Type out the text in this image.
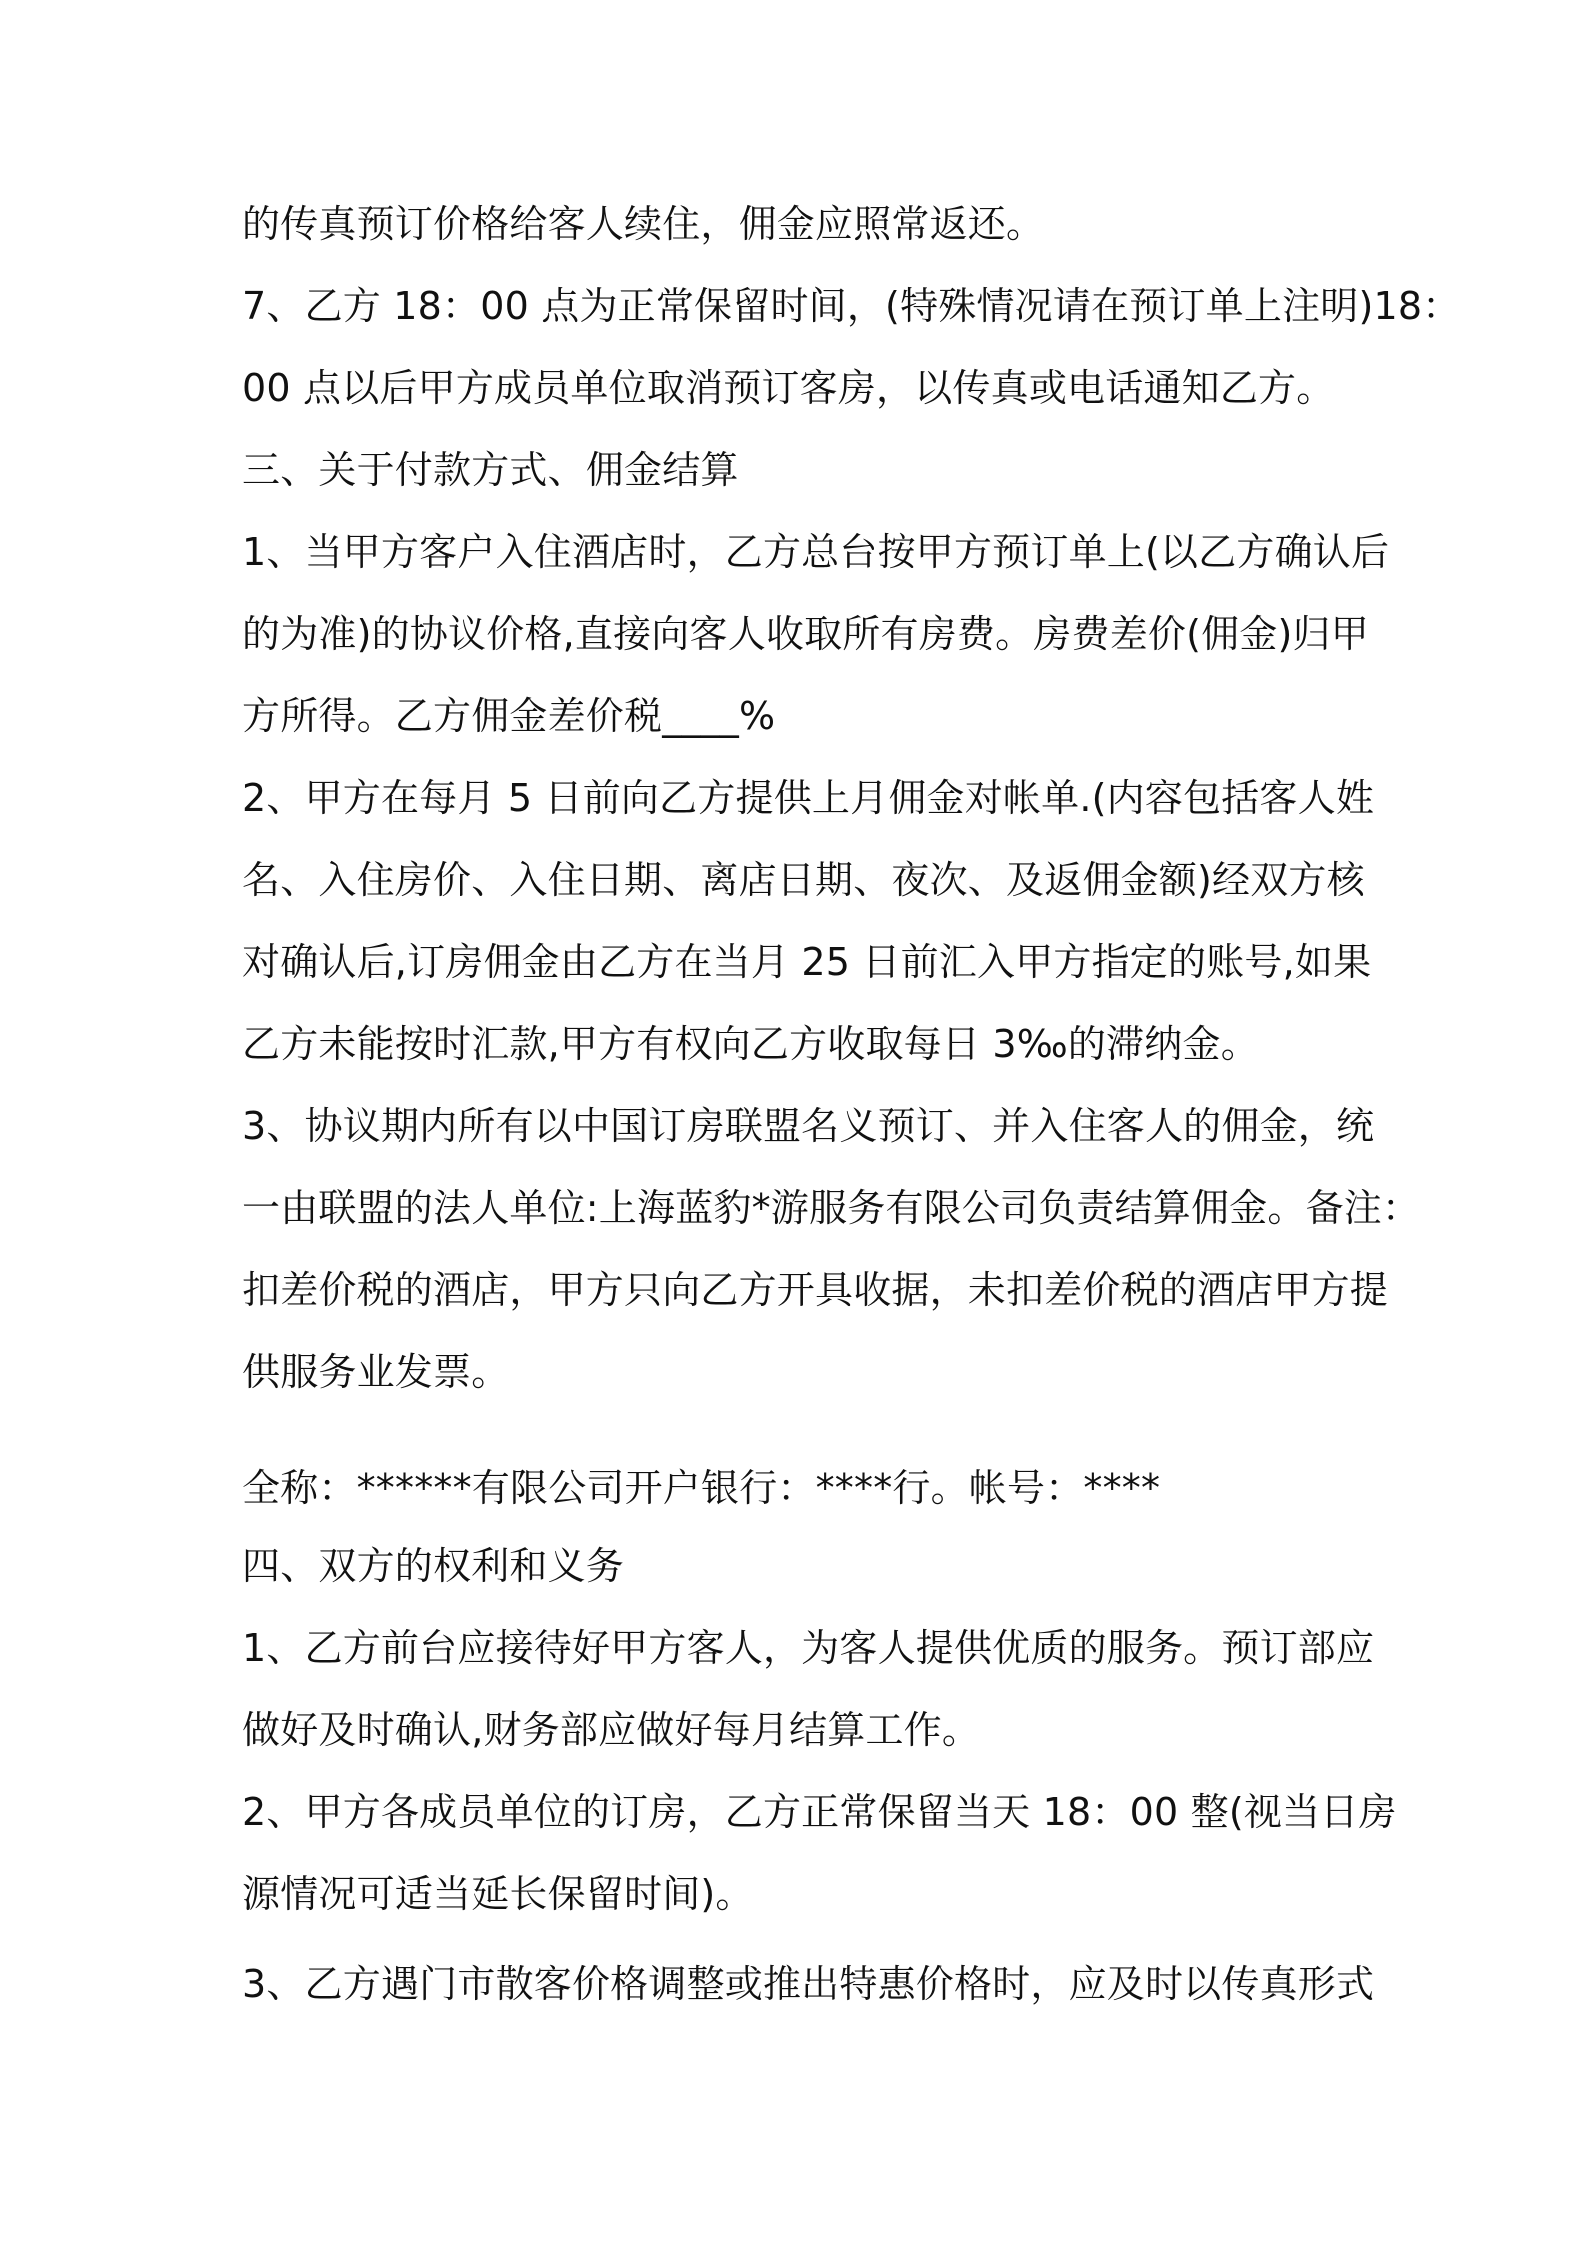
的传真预订价格给客人续住，佣金应照常返还。
7、乙方 18：00 点为正常保留时间，(特殊情况请在预订单上注明)18：
00 点以后甲方成员单位取消预订客房，以传真或电话通知乙方。
三、关于付款方式、佣金结算
1、当甲方客户入住酒店时，乙方总台按甲方预订单上(以乙方确认后
的为准)的协议价格,直接向客人收取所有房费。房费差价(佣金)归甲
方所得。乙方佣金差价税____%
2、甲方在每月 5 日前向乙方提供上月佣金对帐单.(内容包括客人姓
名、入住房价、入住日期、离店日期、夜次、及返佣金额)经双方核
对确认后,订房佣金由乙方在当月 25 日前汇入甲方指定的账号,如果
乙方未能按时汇款,甲方有权向乙方收取每日 3‰的滞纳金。
3、协议期内所有以中国订房联盟名义预订、并入住客人的佣金，统
一由联盟的法人单位:上海蓝豹*游服务有限公司负责结算佣金。备注：
扣差价税的酒店，甲方只向乙方开具收据，未扣差价税的酒店甲方提
供服务业发票。
全称：******有限公司开户银行：****行。帐号：****
四、双方的权利和义务
1、乙方前台应接待好甲方客人，为客人提供优质的服务。预订部应
做好及时确认,财务部应做好每月结算工作。
2、甲方各成员单位的订房，乙方正常保留当天 18：00 整(视当日房
源情况可适当延长保留时间)。
3、乙方遇门市散客价格调整或推出特惠价格时，应及时以传真形式
